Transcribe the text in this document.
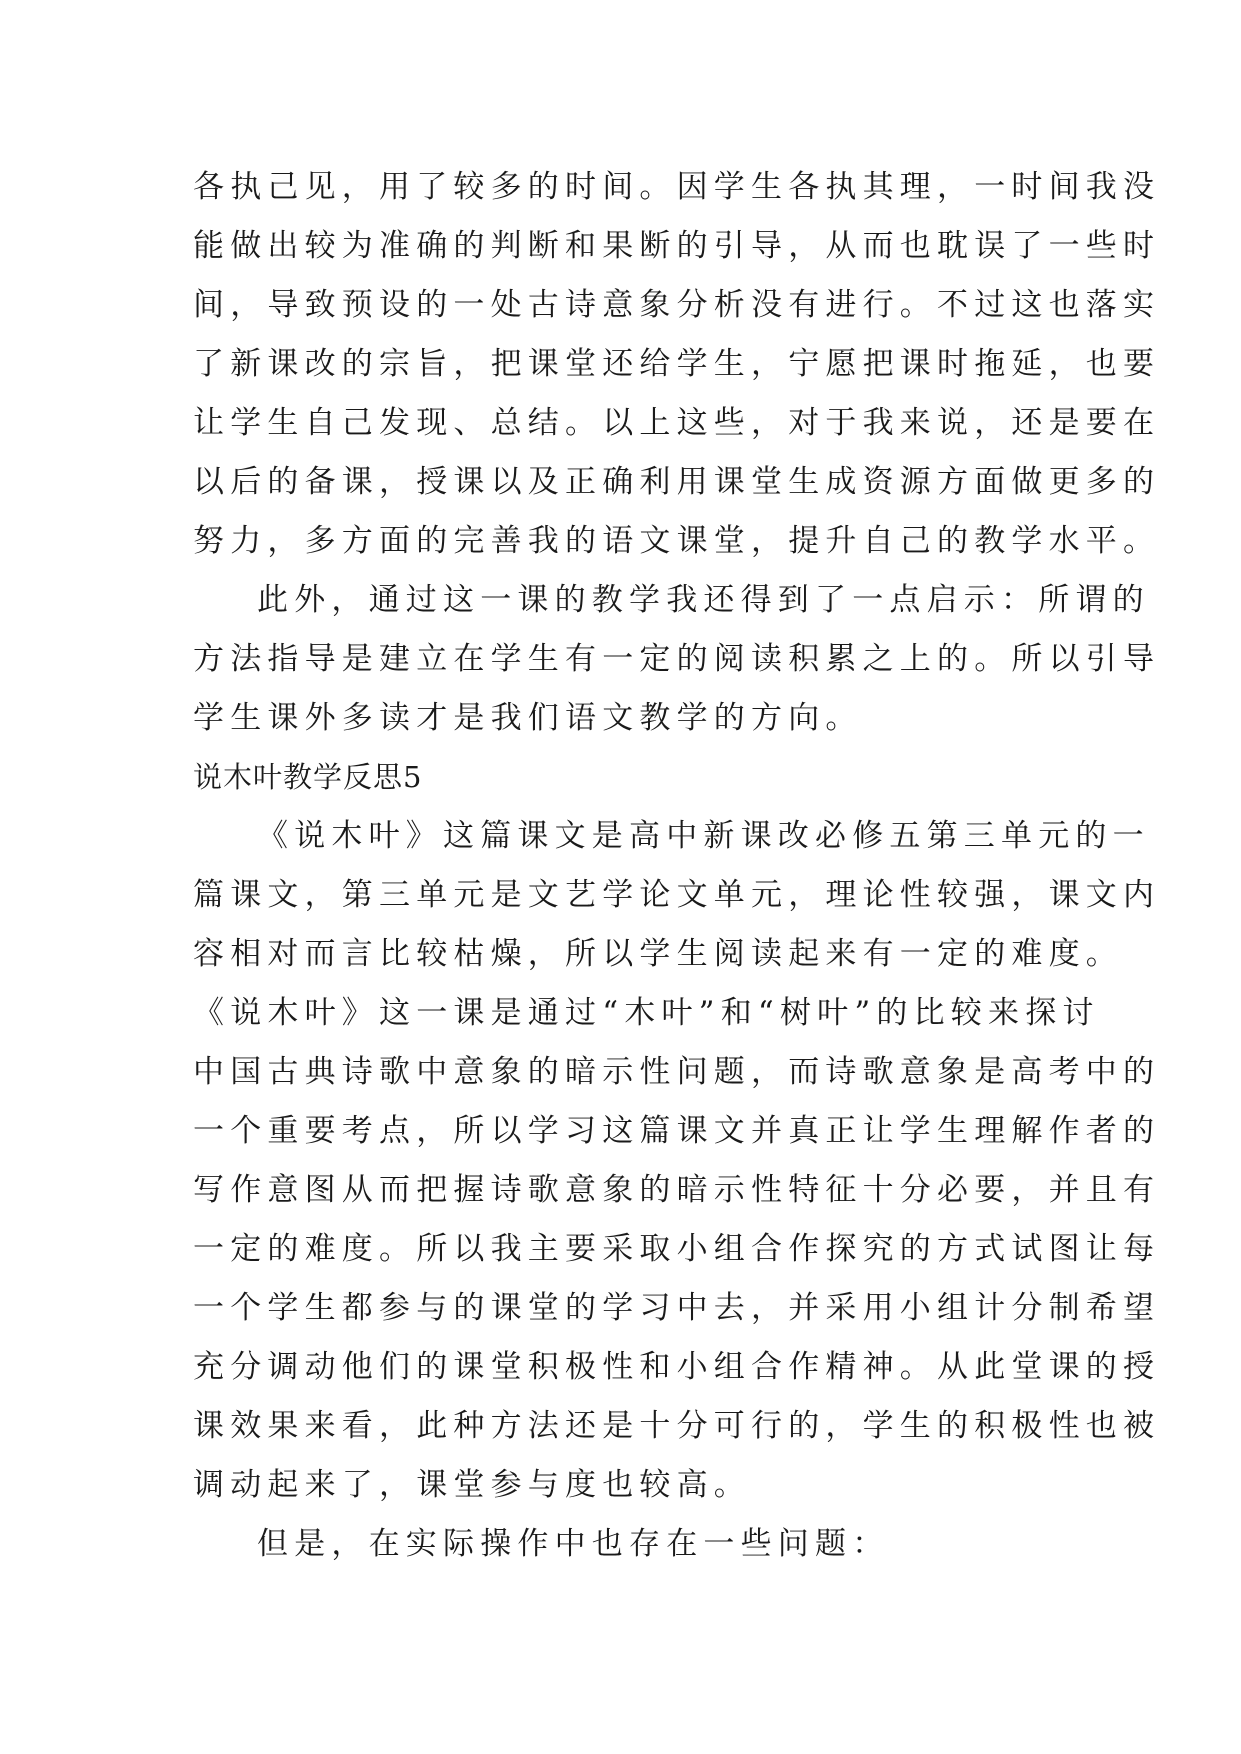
各执己见，用了较多的时间。因学生各执其理，一时间我没
能做出较为准确的判断和果断的引导，从而也耽误了一些时
间，导致预设的一处古诗意象分析没有进行。不过这也落实
了新课改的宗旨，把课堂还给学生，宁愿把课时拖延，也要
让学生自己发现、总结。以上这些，对于我来说，还是要在
以后的备课，授课以及正确利用课堂生成资源方面做更多的
努力，多方面的完善我的语文课堂，提升自己的教学水平。
此外，通过这一课的教学我还得到了一点启示：所谓的
方法指导是建立在学生有一定的阅读积累之上的。所以引导
学生课外多读才是我们语文教学的方向。
说木叶教学反思5
《说木叶》这篇课文是高中新课改必修五第三单元的一
篇课文，第三单元是文艺学论文单元，理论性较强，课文内
容相对而言比较枯燥，所以学生阅读起来有一定的难度。
《说木叶》这一课是通过“木叶”和“树叶”的比较来探讨
中国古典诗歌中意象的暗示性问题，而诗歌意象是高考中的
一个重要考点，所以学习这篇课文并真正让学生理解作者的
写作意图从而把握诗歌意象的暗示性特征十分必要，并且有
一定的难度。所以我主要采取小组合作探究的方式试图让每
一个学生都参与的课堂的学习中去，并采用小组计分制希望
充分调动他们的课堂积极性和小组合作精神。从此堂课的授
课效果来看，此种方法还是十分可行的，学生的积极性也被
调动起来了，课堂参与度也较高。
但是，在实际操作中也存在一些问题：
